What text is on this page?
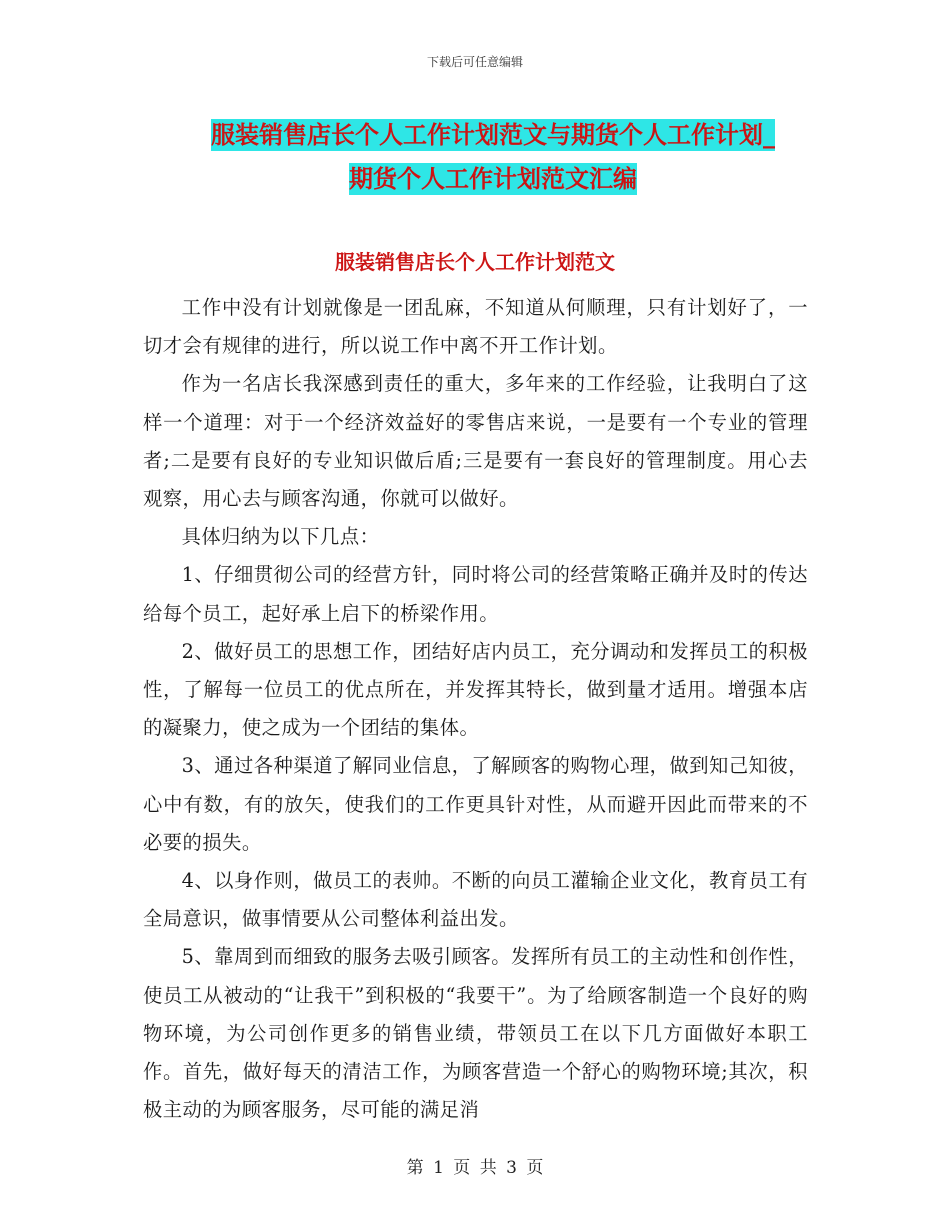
下载后可任意编辑
服装销售店长个人工作计划范文与期货个人工作计划_
期货个人工作计划范文汇编
服装销售店长个人工作计划范文

工作中没有计划就像是一团乱麻，不知道从何顺理，只有计划好了，一切才会有规律的进行，所以说工作中离不开工作计划。

作为一名店长我深感到责任的重大，多年来的工作经验，让我明白了这样一个道理：对于一个经济效益好的零售店来说，一是要有一个专业的管理者;二是要有良好的专业知识做后盾;三是要有一套良好的管理制度。用心去观察，用心去与顾客沟通，你就可以做好。

具体归纳为以下几点：

1、仔细贯彻公司的经营方针，同时将公司的经营策略正确并及时的传达给每个员工，起好承上启下的桥梁作用。

2、做好员工的思想工作，团结好店内员工，充分调动和发挥员工的积极性，了解每一位员工的优点所在，并发挥其特长，做到量才适用。增强本店的凝聚力，使之成为一个团结的集体。

3、通过各种渠道了解同业信息，了解顾客的购物心理，做到知己知彼，心中有数，有的放矢，使我们的工作更具针对性，从而避开因此而带来的不必要的损失。

4、以身作则，做员工的表帅。不断的向员工灌输企业文化，教育员工有全局意识，做事情要从公司整体利益出发。

5、靠周到而细致的服务去吸引顾客。发挥所有员工的主动性和创作性，使员工从被动的“让我干”到积极的“我要干”。为了给顾客制造一个良好的购物环境，为公司创作更多的销售业绩，带领员工在以下几方面做好本职工作。首先，做好每天的清洁工作，为顾客营造一个舒心的购物环境;其次，积极主动的为顾客服务，尽可能的满足消

第 1 页 共 3 页
